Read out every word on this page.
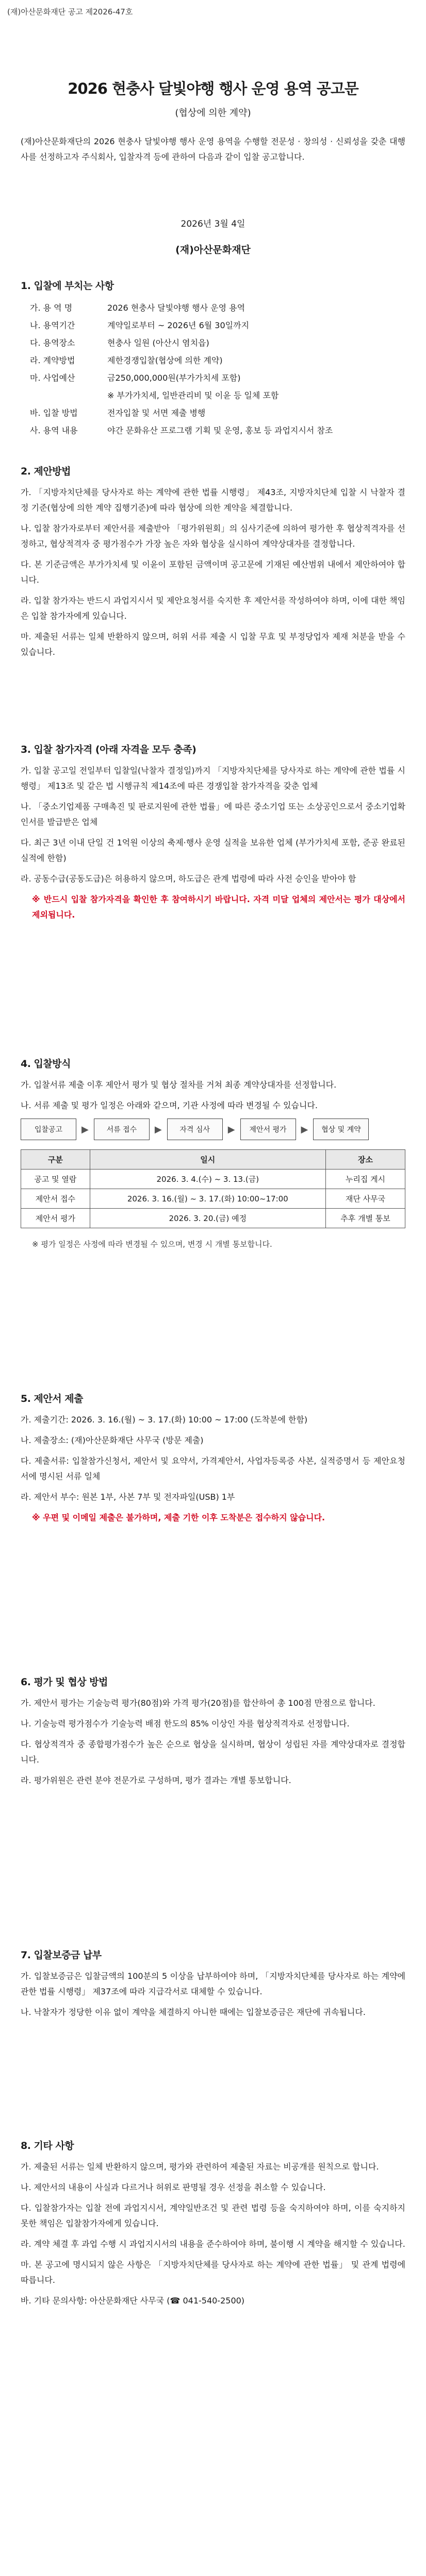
(재)아산문화재단 공고 제2026-47호
2026 현충사 달빛야행 행사 운영 용역 공고문
(협상에 의한 계약)
(재)아산문화재단의 2026 현충사 달빛야행 행사 운영 용역을 수행할 전문성 · 창의성 · 신뢰성을 갖춘 대행사를 선정하고자 주식회사, 입찰자격 등에 관하여 다음과 같이 입찰 공고합니다.
2026년 3월 4일
(재)아산문화재단
1. 입찰에 부치는 사항
가. 용 역 명	2026 현충사 달빛야행 행사 운영 용역
나. 용역기간	계약일로부터 ~ 2026년 6월 30일까지
다. 용역장소	현충사 일원 (아산시 염치읍)
라. 계약방법	제한경쟁입찰(협상에 의한 계약)
마. 사업예산	금250,000,000원(부가가치세 포함)
※ 부가가치세, 일반관리비 및 이윤 등 일체 포함
바. 입찰 방법	전자입찰 및 서면 제출 병행
사. 용역 내용	야간 문화유산 프로그램 기획 및 운영, 홍보 등 과업지시서 참조
2. 제안방법

가. 「지방자치단체를 당사자로 하는 계약에 관한 법률 시행령」 제43조, 지방자치단체 입찰 시 낙찰자 결정 기준(협상에 의한 계약 집행기준)에 따라 협상에 의한 계약을 체결합니다.

나. 입찰 참가자로부터 제안서를 제출받아 「평가위원회」의 심사기준에 의하여 평가한 후 협상적격자를 선정하고, 협상적격자 중 평가점수가 가장 높은 자와 협상을 실시하여 계약상대자를 결정합니다.

다. 본 기준금액은 부가가치세 및 이윤이 포함된 금액이며 공고문에 기재된 예산범위 내에서 제안하여야 합니다.

라. 입찰 참가자는 반드시 과업지시서 및 제안요청서를 숙지한 후 제안서를 작성하여야 하며, 이에 대한 책임은 입찰 참가자에게 있습니다.

마. 제출된 서류는 일체 반환하지 않으며, 허위 서류 제출 시 입찰 무효 및 부정당업자 제재 처분을 받을 수 있습니다.

3. 입찰 참가자격 (아래 자격을 모두 충족)

가. 입찰 공고일 전일부터 입찰일(낙찰자 결정일)까지 「지방자치단체를 당사자로 하는 계약에 관한 법률 시행령」 제13조 및 같은 법 시행규칙 제14조에 따른 경쟁입찰 참가자격을 갖춘 업체

나. 「중소기업제품 구매촉진 및 판로지원에 관한 법률」에 따른 중소기업 또는 소상공인으로서 중소기업확인서를 발급받은 업체

다. 최근 3년 이내 단일 건 1억원 이상의 축제·행사 운영 실적을 보유한 업체 (부가가치세 포함, 준공 완료된 실적에 한함)

라. 공동수급(공동도급)은 허용하지 않으며, 하도급은 관계 법령에 따라 사전 승인을 받아야 함

※ 반드시 입찰 참가자격을 확인한 후 참여하시기 바랍니다. 자격 미달 업체의 제안서는 평가 대상에서 제외됩니다.

4. 입찰방식

가. 입찰서류 제출 이후 제안서 평가 및 협상 절차를 거쳐 최종 계약상대자를 선정합니다.

나. 서류 제출 및 평가 일정은 아래와 같으며, 기관 사정에 따라 변경될 수 있습니다.

입찰공고	▶	서류 접수	▶	자격 심사	▶	제안서 평가	▶	협상 및 계약
구분	일시	장소
공고 및 열람	2026. 3. 4.(수) ~ 3. 13.(금)	누리집 게시
제안서 접수	2026. 3. 16.(월) ~ 3. 17.(화) 10:00~17:00	재단 사무국
제안서 평가	2026. 3. 20.(금) 예정	추후 개별 통보

※ 평가 일정은 사정에 따라 변경될 수 있으며, 변경 시 개별 통보합니다.

5. 제안서 제출

가. 제출기간: 2026. 3. 16.(월) ~ 3. 17.(화) 10:00 ~ 17:00 (도착분에 한함)

나. 제출장소: (재)아산문화재단 사무국 (방문 제출)

다. 제출서류: 입찰참가신청서, 제안서 및 요약서, 가격제안서, 사업자등록증 사본, 실적증명서 등 제안요청서에 명시된 서류 일체

라. 제안서 부수: 원본 1부, 사본 7부 및 전자파일(USB) 1부

※ 우편 및 이메일 제출은 불가하며, 제출 기한 이후 도착분은 접수하지 않습니다.

6. 평가 및 협상 방법

가. 제안서 평가는 기술능력 평가(80점)와 가격 평가(20점)를 합산하여 총 100점 만점으로 합니다.

나. 기술능력 평가점수가 기술능력 배점 한도의 85% 이상인 자를 협상적격자로 선정합니다.

다. 협상적격자 중 종합평가점수가 높은 순으로 협상을 실시하며, 협상이 성립된 자를 계약상대자로 결정합니다.

라. 평가위원은 관련 분야 전문가로 구성하며, 평가 결과는 개별 통보합니다.

7. 입찰보증금 납부

가. 입찰보증금은 입찰금액의 100분의 5 이상을 납부하여야 하며, 「지방자치단체를 당사자로 하는 계약에 관한 법률 시행령」 제37조에 따라 지급각서로 대체할 수 있습니다.

나. 낙찰자가 정당한 이유 없이 계약을 체결하지 아니한 때에는 입찰보증금은 재단에 귀속됩니다.

8. 기타 사항

가. 제출된 서류는 일체 반환하지 않으며, 평가와 관련하여 제출된 자료는 비공개를 원칙으로 합니다.

나. 제안서의 내용이 사실과 다르거나 허위로 판명될 경우 선정을 취소할 수 있습니다.

다. 입찰참가자는 입찰 전에 과업지시서, 계약일반조건 및 관련 법령 등을 숙지하여야 하며, 이를 숙지하지 못한 책임은 입찰참가자에게 있습니다.

라. 계약 체결 후 과업 수행 시 과업지시서의 내용을 준수하여야 하며, 불이행 시 계약을 해지할 수 있습니다.

마. 본 공고에 명시되지 않은 사항은 「지방자치단체를 당사자로 하는 계약에 관한 법률」 및 관계 법령에 따릅니다.

바. 기타 문의사항: 아산문화재단 사무국 (☎ 041-540-2500)
